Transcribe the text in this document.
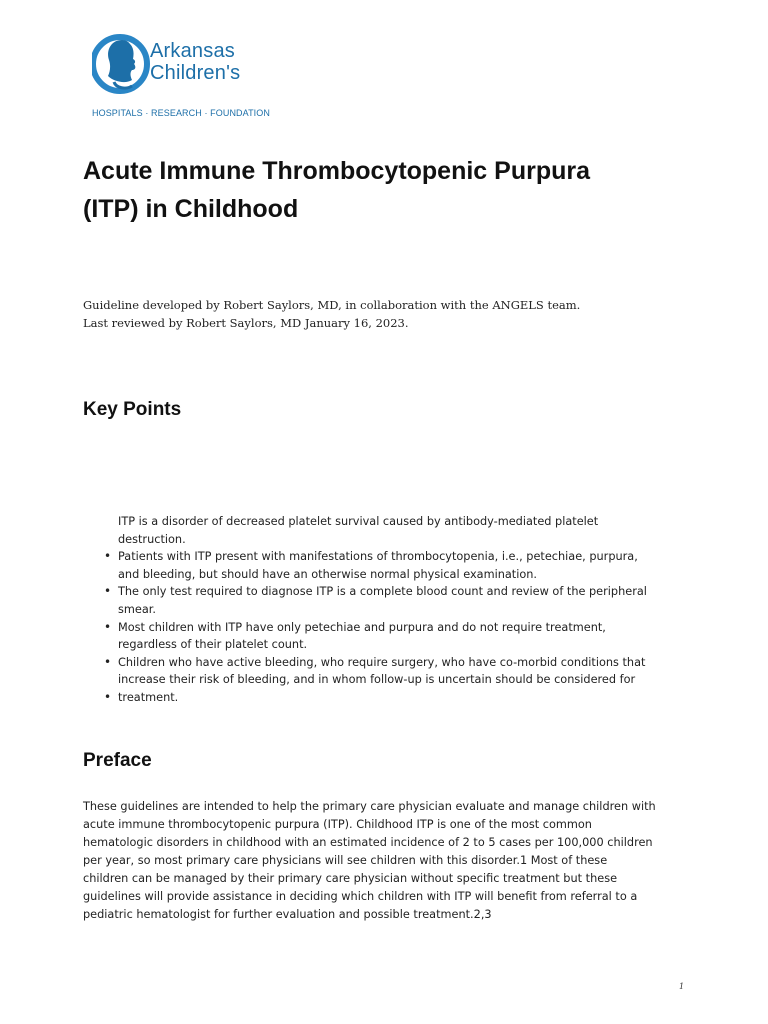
Arkansas
Children's
HOSPITALS · RESEARCH · FOUNDATION
Acute Immune Thrombocytopenic Purpura
(ITP) in Childhood
Guideline developed by Robert Saylors, MD, in collaboration with the ANGELS team.
Last reviewed by Robert Saylors, MD January 16, 2023.
Key Points
ITP is a disorder of decreased platelet survival caused by antibody-mediated platelet
destruction.
• Patients with ITP present with manifestations of thrombocytopenia, i.e., petechiae, purpura,
and bleeding, but should have an otherwise normal physical examination.
• The only test required to diagnose ITP is a complete blood count and review of the peripheral
smear.
• Most children with ITP have only petechiae and purpura and do not require treatment,
regardless of their platelet count.
• Children who have active bleeding, who require surgery, who have co-morbid conditions that
increase their risk of bleeding, and in whom follow-up is uncertain should be considered for
• treatment.
Preface
These guidelines are intended to help the primary care physician evaluate and manage children with
acute immune thrombocytopenic purpura (ITP). Childhood ITP is one of the most common
hematologic disorders in childhood with an estimated incidence of 2 to 5 cases per 100,000 children
per year, so most primary care physicians will see children with this disorder.1 Most of these
children can be managed by their primary care physician without specific treatment but these
guidelines will provide assistance in deciding which children with ITP will benefit from referral to a
pediatric hematologist for further evaluation and possible treatment.2,3
1
